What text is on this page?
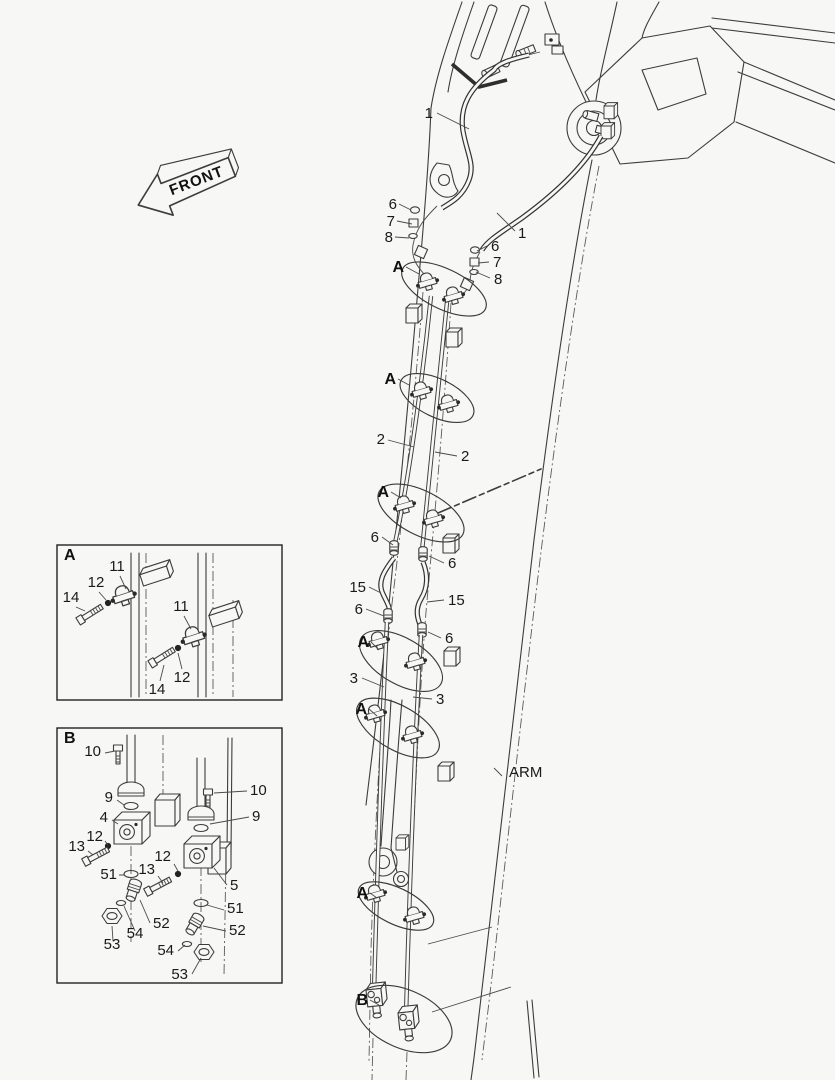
1
1
6
7
8
6
7
8
A
A
2
2
A
6
6
15
15
6
6
A
3
3
A
ARM
A
B
FRONT
A
11
12
14
11
12
14
B
10
9
4
12
13
51
52
54
53
10
9
5
12
13
51
52
54
53
